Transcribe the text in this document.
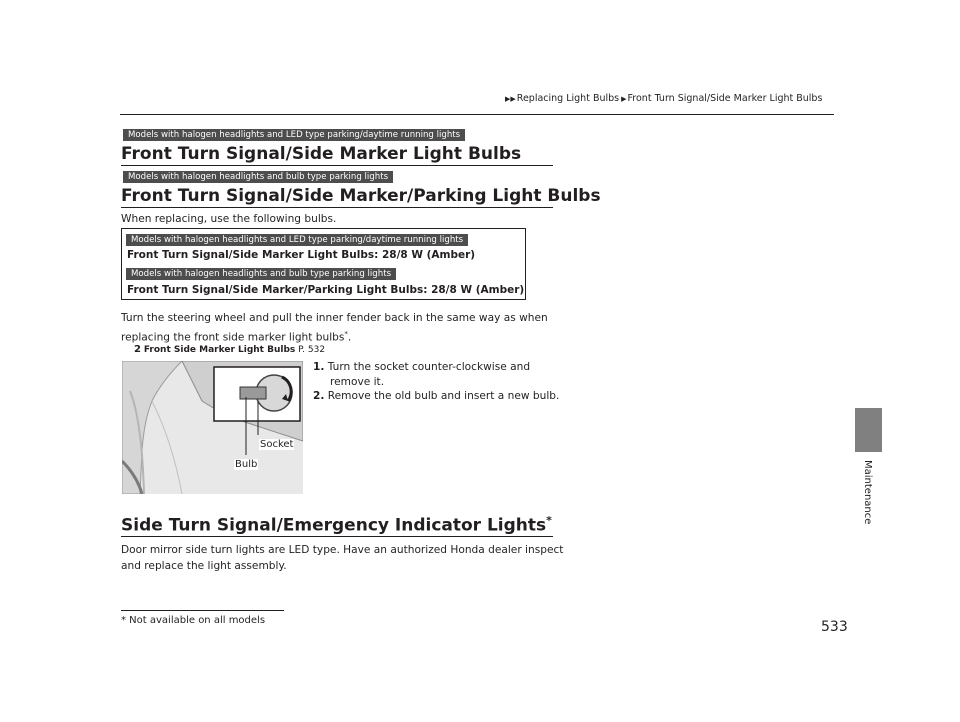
▶▶Replacing Light Bulbs ▶Front Turn Signal/Side Marker Light Bulbs
Maintenance
Models with halogen headlights and LED type parking/daytime running lights
Front Turn Signal/Side Marker Light Bulbs
Models with halogen headlights and bulb type parking lights
Front Turn Signal/Side Marker/Parking Light Bulbs
When replacing, use the following bulbs.
Models with halogen headlights and LED type parking/daytime running lights
Front Turn Signal/Side Marker Light Bulbs: 28/8 W (Amber)
Models with halogen headlights and bulb type parking lights
Front Turn Signal/Side Marker/Parking Light Bulbs: 28/8 W (Amber)
Turn the steering wheel and pull the inner fender back in the same way as when
replacing the front side marker light bulbs*.
2 Front Side Marker Light Bulbs P. 532
Socket
Bulb
1. Turn the socket counter-clockwise and
remove it.
2. Remove the old bulb and insert a new bulb.
Side Turn Signal/Emergency Indicator Lights*
Door mirror side turn lights are LED type. Have an authorized Honda dealer inspect
and replace the light assembly.
* Not available on all models	533
